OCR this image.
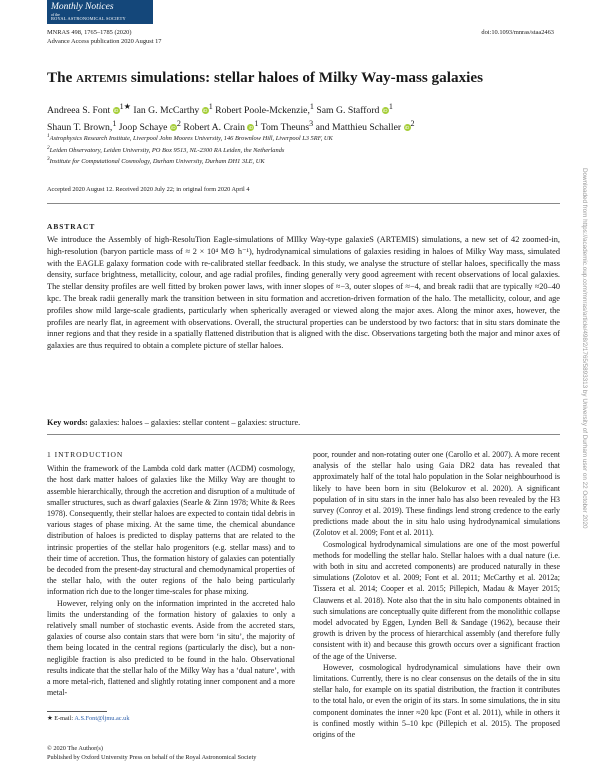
Monthly Notices
of the
ROYAL ASTRONOMICAL SOCIETY
MNRAS 498, 1765–1785 (2020)
Advance Access publication 2020 August 17
doi:10.1093/mnras/staa2463
The artemis simulations: stellar haloes of Milky Way-mass galaxies
Andreea S. Font $iD^{1★}$ Ian G. McCarthy $iD^1$ Robert Poole-Mckenzie,$^1$ Sam G. Stafford $iD^1$
Shaun T. Brown,$^1$ Joop Schaye $iD^2$ Robert A. Crain $iD^1$ Tom Theuns$^3$ and Matthieu Schaller $iD^2$
$^1$Astrophysics Research Institute, Liverpool John Moores University, 146 Brownlow Hill, Liverpool L3 5RF, UK
$^2$Leiden Observatory, Leiden University, PO Box 9513, NL-2300 RA Leiden, the Netherlands
$^3$Institute for Computational Cosmology, Durham University, Durham DH1 3LE, UK
Accepted 2020 August 12. Received 2020 July 22; in original form 2020 April 4
ABSTRACT
We introduce the Assembly of high-ResoluTion Eagle-simulations of MIlky Way-type galaxieS (ARTEMIS) simulations, a new set of 42 zoomed-in, high-resolution (baryon particle mass of ≈ 2 × 10⁴ M⊙ h⁻¹), hydrodynamical simulations of galaxies residing in haloes of Milky Way mass, simulated with the EAGLE galaxy formation code with re-calibrated stellar feedback. In this study, we analyse the structure of stellar haloes, specifically the mass density, surface brightness, metallicity, colour, and age radial profiles, finding generally very good agreement with recent observations of local galaxies. The stellar density profiles are well fitted by broken power laws, with inner slopes of ≈−3, outer slopes of ≈−4, and break radii that are typically ≈20–40 kpc. The break radii generally mark the transition between in situ formation and accretion-driven formation of the halo. The metallicity, colour, and age profiles show mild large-scale gradients, particularly when spherically averaged or viewed along the major axes. Along the minor axes, however, the profiles are nearly flat, in agreement with observations. Overall, the structural properties can be understood by two factors: that in situ stars dominate the inner regions and that they reside in a spatially flattened distribution that is aligned with the disc. Observations targeting both the major and minor axes of galaxies are thus required to obtain a complete picture of stellar haloes.
Key words: galaxies: haloes – galaxies: stellar content – galaxies: structure.
1 INTRODUCTION

Within the framework of the Lambda cold dark matter (ΛCDM) cosmology, the host dark matter haloes of galaxies like the Milky Way are thought to assemble hierarchically, through the accretion and disruption of a multitude of smaller structures, such as dwarf galaxies (Searle & Zinn 1978; White & Rees 1978). Consequently, their stellar haloes are expected to contain tidal debris in various stages of phase mixing. At the same time, the chemical abundance distribution of haloes is predicted to display patterns that are related to the intrinsic properties of the stellar halo progenitors (e.g. stellar mass) and to their time of accretion. Thus, the formation history of galaxies can potentially be decoded from the present-day structural and chemodynamical properties of the stellar halo, with the outer regions of the halo being particularly information rich due to the longer time-scales for phase mixing.

However, relying only on the information imprinted in the accreted halo limits the understanding of the formation history of galaxies to only a relatively small number of stochastic events. Aside from the accreted stars, galaxies of course also contain stars that were born ‘in situ’, the majority of them being located in the central regions (particularly the disc), but a non-negligible fraction is also predicted to be found in the halo. Observational results indicate that the stellar halo of the Milky Way has a ‘dual nature’, with a more metal-rich, flattened and slightly rotating inner component and a more metal-

poor, rounder and non-rotating outer one (Carollo et al. 2007). A more recent analysis of the stellar halo using Gaia DR2 data has revealed that approximately half of the total halo population in the Solar neighbourhood is likely to have been born in situ (Belokurov et al. 2020). A significant population of in situ stars in the inner halo has also been revealed by the H3 survey (Conroy et al. 2019). These findings lend strong credence to the early predictions made about the in situ halo using hydrodynamical simulations (Zolotov et al. 2009; Font et al. 2011).

Cosmological hydrodynamical simulations are one of the most powerful methods for modelling the stellar halo. Stellar haloes with a dual nature (i.e. with both in situ and accreted components) are produced naturally in these simulations (Zolotov et al. 2009; Font et al. 2011; McCarthy et al. 2012a; Tissera et al. 2014; Cooper et al. 2015; Pillepich, Madau & Mayer 2015; Clauwens et al. 2018). Note also that the in situ halo components obtained in such simulations are conceptually quite different from the monolithic collapse model advocated by Eggen, Lynden Bell & Sandage (1962), because their growth is driven by the process of hierarchical assembly (and therefore fully consistent with it) and because this growth occurs over a significant fraction of the age of the Universe.

However, cosmological hydrodynamical simulations have their own limitations. Currently, there is no clear consensus on the details of the in situ stellar halo, for example on its spatial distribution, the fraction it contributes to the total halo, or even the origin of its stars. In some simulations, the in situ component dominates the inner ≈20 kpc (Font et al. 2011), while in others it is confined mostly within 5–10 kpc (Pillepich et al. 2015). The proposed origins of the

★ E-mail: A.S.Font@ljmu.ac.uk
© 2020 The Author(s)
Published by Oxford University Press on behalf of the Royal Astronomical Society
Downloaded from https://academic.oup.com/mnras/article/498/2/1765/5893313 by University of Durham user on 22 October 2020
